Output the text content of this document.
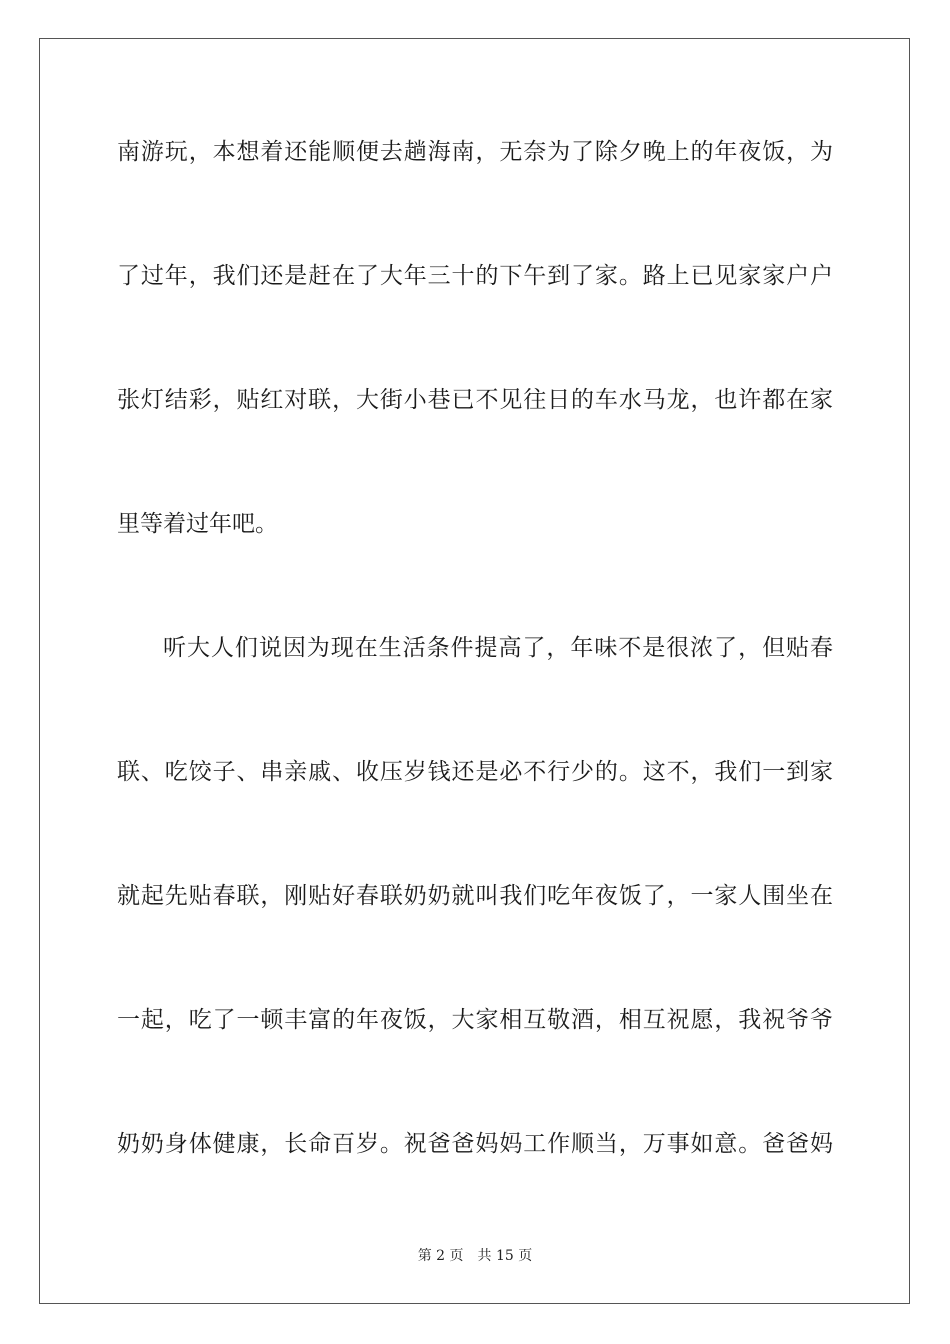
南游玩，本想着还能顺便去趟海南，无奈为了除夕晚上的年夜饭，为
了过年，我们还是赶在了大年三十的下午到了家。路上已见家家户户
张灯结彩，贴红对联，大街小巷已不见往日的车水马龙，也许都在家
里等着过年吧。
听大人们说因为现在生活条件提高了，年味不是很浓了，但贴春
联、吃饺子、串亲戚、收压岁钱还是必不行少的。这不，我们一到家
就起先贴春联，刚贴好春联奶奶就叫我们吃年夜饭了，一家人围坐在
一起，吃了一顿丰富的年夜饭，大家相互敬酒，相互祝愿，我祝爷爷
奶奶身体健康，长命百岁。祝爸爸妈妈工作顺当，万事如意。爸爸妈
第 2 页 共 15 页
